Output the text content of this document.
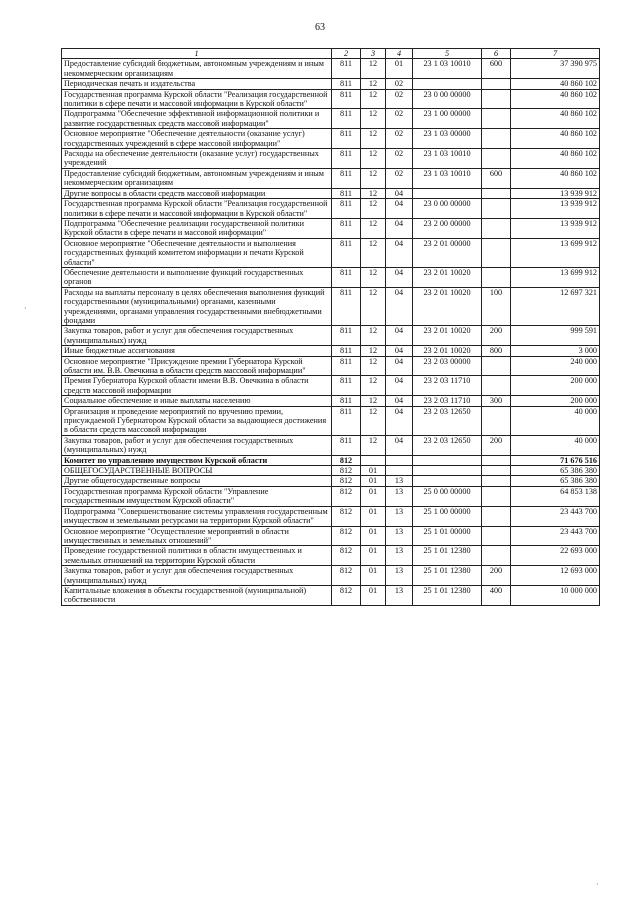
63
1	2	3	4	5	6	7
Предоставление субсидий бюджетным, автономным учреждениям и иным некоммерческим организациям	811	12	01	23 1 03 10010	600	37 390 975
Периодическая печать и издательства	811	12	02			40 860 102
Государственная программа Курской области "Реализация государственной политики в сфере печати и массовой информации в Курской области"	811	12	02	23 0 00 00000		40 860 102
Подпрограмма "Обеспечение эффективной информационной политики и развитие государственных средств массовой информации"	811	12	02	23 1 00 00000		40 860 102
Основное мероприятие "Обеспечение деятельности (оказание услуг) государственных учреждений в сфере массовой информации"	811	12	02	23 1 03 00000		40 860 102
Расходы на обеспечение деятельности (оказание услуг) государственных учреждений	811	12	02	23 1 03 10010		40 860 102
Предоставление субсидий бюджетным, автономным учреждениям и иным некоммерческим организациям	811	12	02	23 1 03 10010	600	40 860 102
Другие вопросы в области средств массовой информации	811	12	04			13 939 912
Государственная программа Курской области "Реализация государственной политики в сфере печати и массовой информации в Курской области"	811	12	04	23 0 00 00000		13 939 912
Подпрограмма "Обеспечение реализации государственной политики Курской области в сфере печати и массовой информации"	811	12	04	23 2 00 00000		13 939 912
Основное мероприятие "Обеспечение деятельности и выполнения государственных функций комитетом информации и печати Курской области"	811	12	04	23 2 01 00000		13 699 912
Обеспечение деятельности и выполнение функций государственных органов	811	12	04	23 2 01 10020		13 699 912
Расходы на выплаты персоналу в целях обеспечения выполнения функций государственными (муниципальными) органами, казенными учреждениями, органами управления государственными внебюджетными фондами	811	12	04	23 2 01 10020	100	12 697 321
Закупка товаров, работ и услуг для обеспечения государственных (муниципальных) нужд	811	12	04	23 2 01 10020	200	999 591
Иные бюджетные ассигнования	811	12	04	23 2 01 10020	800	3 000
Основное мероприятие "Присуждение премии Губернатора Курской области им. В.В. Овечкина в области средств массовой информации"	811	12	04	23 2 03 00000		240 000
Премия Губернатора Курской области имени В.В. Овечкина в области средств массовой информации	811	12	04	23 2 03 11710		200 000
Социальное обеспечение и иные выплаты населению	811	12	04	23 2 03 11710	300	200 000
Организация и проведение мероприятий по вручению премии, присуждаемой Губернатором Курской области за выдающиеся достижения в области средств массовой информации	811	12	04	23 2 03 12650		40 000
Закупка товаров, работ и услуг для обеспечения государственных (муниципальных) нужд	811	12	04	23 2 03 12650	200	40 000
Комитет по управлению имуществом Курской области	812					71 676 516
ОБЩЕГОСУДАРСТВЕННЫЕ ВОПРОСЫ	812	01				65 386 380
Другие общегосударственные вопросы	812	01	13			65 386 380
Государственная программа Курской области "Управление государственным имуществом Курской области"	812	01	13	25 0 00 00000		64 853 138
Подпрограмма "Совершенствование системы управления государственным имуществом и земельными ресурсами на территории Курской области"	812	01	13	25 1 00 00000		23 443 700
Основное мероприятие "Осуществление мероприятий в области имущественных и земельных отношений"	812	01	13	25 1 01 00000		23 443 700
Проведение государственной политики в области имущественных и земельных отношений на территории Курской области	812	01	13	25 1 01 12380		22 693 000
Закупка товаров, работ и услуг для обеспечения государственных (муниципальных) нужд	812	01	13	25 1 01 12380	200	12 693 000
Капитальные вложения в объекты государственной (муниципальной) собственности	812	01	13	25 1 01 12380	400	10 000 000
·
·
